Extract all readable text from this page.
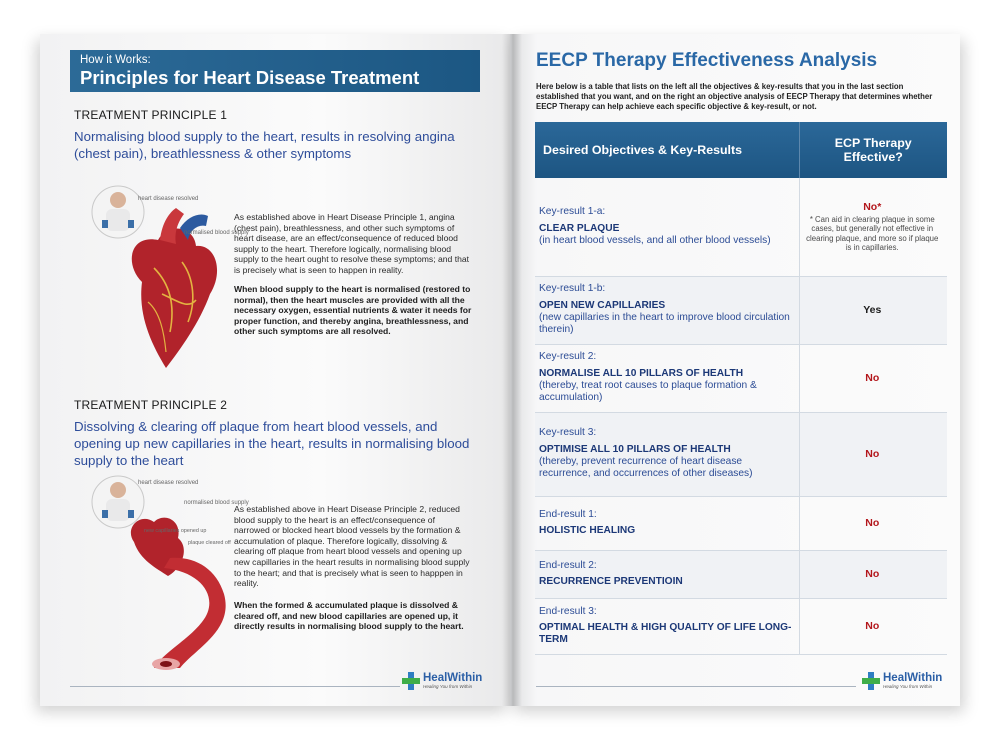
How it Works:
Principles for Heart Disease Treatment
TREATMENT PRINCIPLE 1
Normalising blood supply to the heart, results in resolving angina (chest pain), breathlessness & other symptoms
heart disease resolved
normalised blood supply
As established above in Heart Disease Principle 1, angina (chest pain), breathlessness, and other such symptoms of heart disease, are an effect/consequence of reduced blood supply to the heart. Therefore logically, normalising blood supply to the heart ought to resolve these symptoms; and that is precisely what is seen to happen in reality.
When blood supply to the heart is normalised (restored to normal), then the heart muscles are provided with all the necessary oxygen, essential nutrients & water it needs for proper function, and thereby angina, breathlessness, and other such symptoms are all resolved.
TREATMENT PRINCIPLE 2
Dissolving & clearing off plaque from heart blood vessels, and opening up new capillaries in the heart, results in normalising blood supply to the heart
heart disease resolved
normalised blood supply
new capillaries opened up
plaque cleared off
As established above in Heart Disease Principle 2, reduced blood supply to the heart is an effect/consequence of narrowed or blocked heart blood vessels by the formation & accumulation of plaque. Therefore logically, dissolving & clearing off plaque from heart blood vessels and opening up new capillaries in the heart results in normalising blood supply to the heart; and that is precisely what is seen to happpen in reality.
When the formed & accumulated plaque is dissolved & cleared off, and new blood capillaries are opened up, it directly results in normalising blood supply to the heart.
HealWithin
Healing You from Within
EECP Therapy Effectiveness Analysis
Here below is a table that lists on the left all the objectives & key-results that you in the last section established that you want, and on the right an objective analysis of EECP Therapy that determines whether EECP Therapy can help achieve each specific objective & key-result, or not.
Desired Objectives & Key-Results	ECP Therapy Effective?

Key-result 1-a:
CLEAR PLAQUE
(in heart blood vessels, and all other blood vessels)	No*
* Can aid in clearing plaque in some cases, but generally not effective in clearing plaque, and more so if plaque is in capillaries.

Key-result 1-b:
OPEN NEW CAPILLARIES
(new capillaries in the heart to improve blood circulation therein)	Yes

Key-result 2:
NORMALISE ALL 10 PILLARS OF HEALTH
(thereby, treat root causes to plaque formation & accumulation)	No

Key-result 3:
OPTIMISE ALL 10 PILLARS OF HEALTH
(thereby, prevent recurrence of heart disease recurrence, and occurrences of other diseases)	No

End-result 1:
HOLISTIC HEALING	No

End-result 2:
RECURRENCE PREVENTIOIN	No

End-result 3:
OPTIMAL HEALTH & HIGH QUALITY OF LIFE LONG-TERM	No
HealWithin
Healing You from Within
